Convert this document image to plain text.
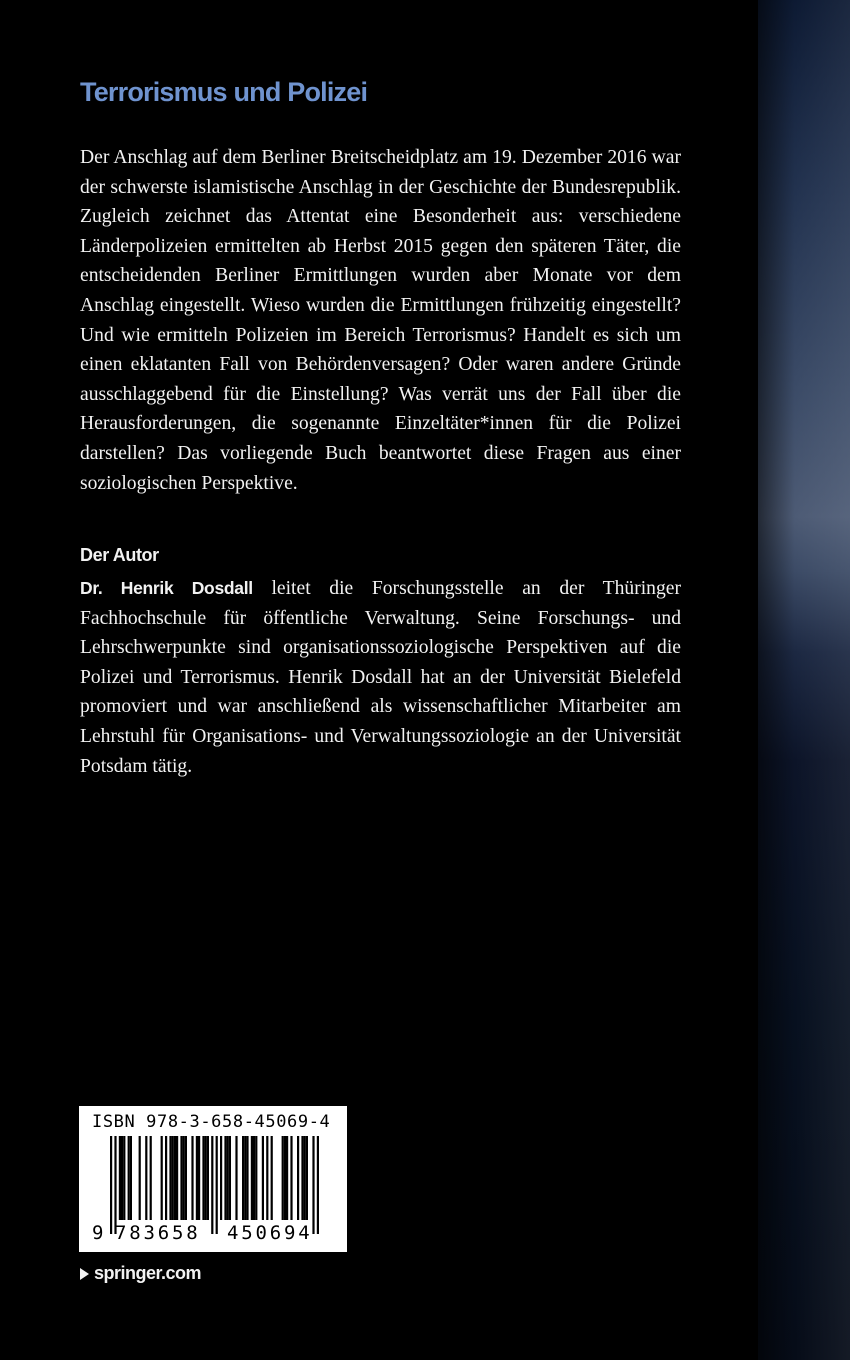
Terrorismus und Polizei

Der Anschlag auf dem Berliner Breitscheidplatz am 19. Dezember 2016 war der schwerste islamistische Anschlag in der Geschichte der Bundesrepublik. Zugleich zeichnet das Attentat eine Besonderheit aus: verschiedene Länderpolizeien ermittelten ab Herbst 2015 gegen den späteren Täter, die entscheidenden Berliner Ermittlungen wurden aber Monate vor dem Anschlag eingestellt. Wieso wurden die Ermittlungen frühzeitig eingestellt? Und wie ermitteln Polizeien im Bereich Terrorismus? Handelt es sich um einen eklatanten Fall von Behördenversagen? Oder waren andere Gründe ausschlaggebend für die Einstellung? Was verrät uns der Fall über die Herausforderungen, die sogenannte Einzeltäter*innen für die Polizei darstellen? Das vorliegende Buch beantwortet diese Fragen aus einer soziologischen Perspektive.

Der Autor

Dr. Henrik Dosdall leitet die Forschungsstelle an der Thüringer Fachhochschule für öffentliche Verwaltung. Seine Forschungs- und Lehrschwerpunkte sind organisationssoziologische Perspektiven auf die Polizei und Terrorismus. Henrik Dosdall hat an der Universität Bielefeld promoviert und war anschließend als wissenschaftlicher Mitarbeiter am Lehrstuhl für Organisations- und Verwaltungssoziologie an der Universität Potsdam tätig.

ISBN 978-3-658-45069-4
9 783658	450694
springer.com
